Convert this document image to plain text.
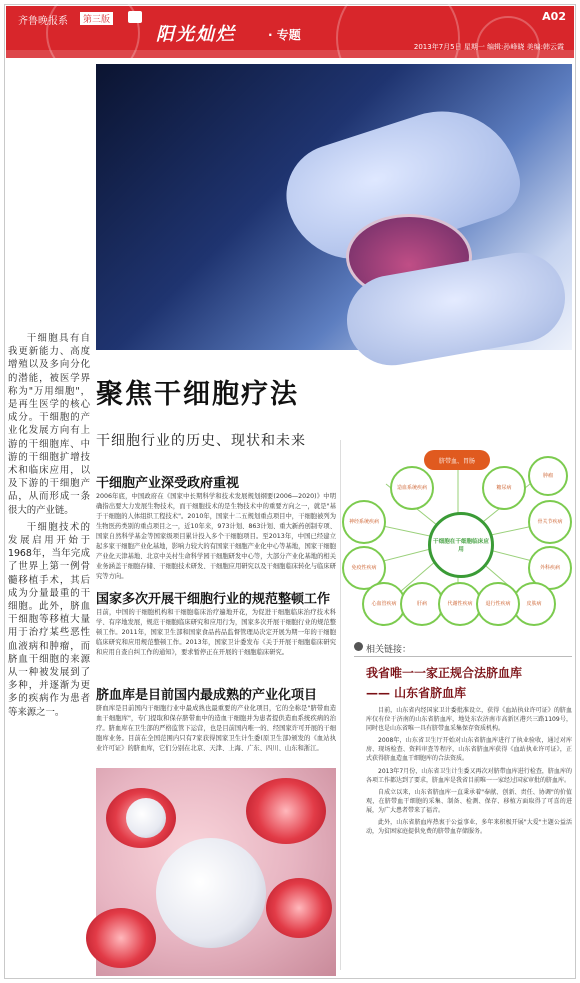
齐鲁晚报系	第三版
阳光灿烂	· 专题
A02
2013年7月5日 星期一 编辑:孙峰晓 美编:韩云霞

干细胞具有自我更新能力、高度增殖以及多向分化的潜能，被医学界称为"万用细胞"，是再生医学的核心成分。干细胞的产业化发展方向有上游的干细胞库、中游的干细胞扩增技术和临床应用，以及下游的干细胞产品，从而形成一条很大的产业链。

干细胞技术的发展启用开始于1968年，当年完成了世界上第一例骨髓移植手术，其后成为分量最重的干细胞。此外，脐血干细胞等移植大量用于治疗某些恶性血液病和肿瘤，而脐血干细胞的来源从一种被发展到了多种，并逐渐为更多的疾病作为患者等来源之一。

聚焦干细胞疗法
干细胞行业的历史、现状和未来
干细胞产业深受政府重视
2006年底，中国政府在《国家中长期科学和技术发展规划纲要(2006—2020)》中明确指出要大力发展生物技术，而干细胞技术的是生物技术中的重要方向之一，就是"基于干细胞的人体组织工程技术"。2010年，国家十二五规划重点项目中，干细胞被列为生物医药类别的重点项目之一，近10年来，973计划、863计划、重大新药创制专项、国家自然科学基金等国家级项目累计投入多个干细胞项目。至2013年，中国已经建立起多家干细胞产业化基地，影响力较大的有国家干细胞产业化中心等基地，国家干细胞产业化天津基地、北京中关村生命科学园干细胞研发中心等，大部分产业化基地的相关业务涵盖干细胞存储、干细胞技术研发、干细胞应用研究以及干细胞临床转化与临床研究等方向。
国家多次开展干细胞行业的规范整顿工作
目前，中国的干细胞机构和干细胞临床治疗遍地开花，为促进干细胞临床治疗技术科学、有序地发展，规范干细胞临床研究和应用行为，国家多次开展干细胞行业的规范整顿工作。2011年，国家卫生部和国家食品药品监督管理局决定开展为期一年的干细胞临床研究和应用规范整顿工作。2013年，国家卫计委发布《关于开展干细胞临床研究和应用自查自纠工作的通知》，要求暂停正在开展的干细胞临床研究。
脐血库是目前国内最成熟的产业化项目
脐血库是目前国内干细胞行业中最成熟也最重要的产业化项目，它的全称是"脐带血造血干细胞库"，专门提取和保存脐带血中的造血干细胞并为患者提供造血系统疾病的治疗。脐血库在卫生部的严格监管下运营，也是目前国内唯一的、经国家许可开展的干细胞库业务。目前在全国范围内只有7家获得国家卫生计生委(原卫生部)颁发的《血站执业许可证》的脐血库，它们分别在北京、天津、上海、广东、四川、山东和浙江。
脐带血、胃肠
干细胞在干细胞临床应用
造血系统疾病
神经系统疾病
免疫性疾病
心血管疾病	肝病	代谢性疾病
糖尿病
骨关节疾病
外科疾病
皮肤病
退行性疾病
肿瘤
相关链接：
我省唯一一家正规合法脐血库
—— 山东省脐血库

目前，山东省内经国家卫计委批准设立，获得《血站执业许可证》的脐血库仅有位于济南的山东省脐血库，地处东农济南市高新区港兴三路1109号，同时也是山东省唯一具有脐带血采集保存资质机构。

2008年，山东省卫生厅开始对山东省脐血库进行了执业验收，通过对库房、现场检查、资料审查等程序，山东省脐血库获得《血站执业许可证》，正式获得脐血造血干细胞库的合法资质。

2013年7月份，山东省卫生计生委又再次对脐带血库进行检查，脐血库的各项工作都达到了要求，脐血库是我省目前唯一一家经过国家审批的脐血库。

自成立以来，山东省脐血库一直秉承着"奉献、创新、责任、协调"的价值观，在脐带血干细胞的采集、制备、检测、保存、移植方面取得了可喜的进展，为广大患者带来了福音。

此外，山东省脐血库热衷于公益事业，多年来积极开展"大爱"主题公益活动，为贫困家庭提供免费的脐带血存储服务。
